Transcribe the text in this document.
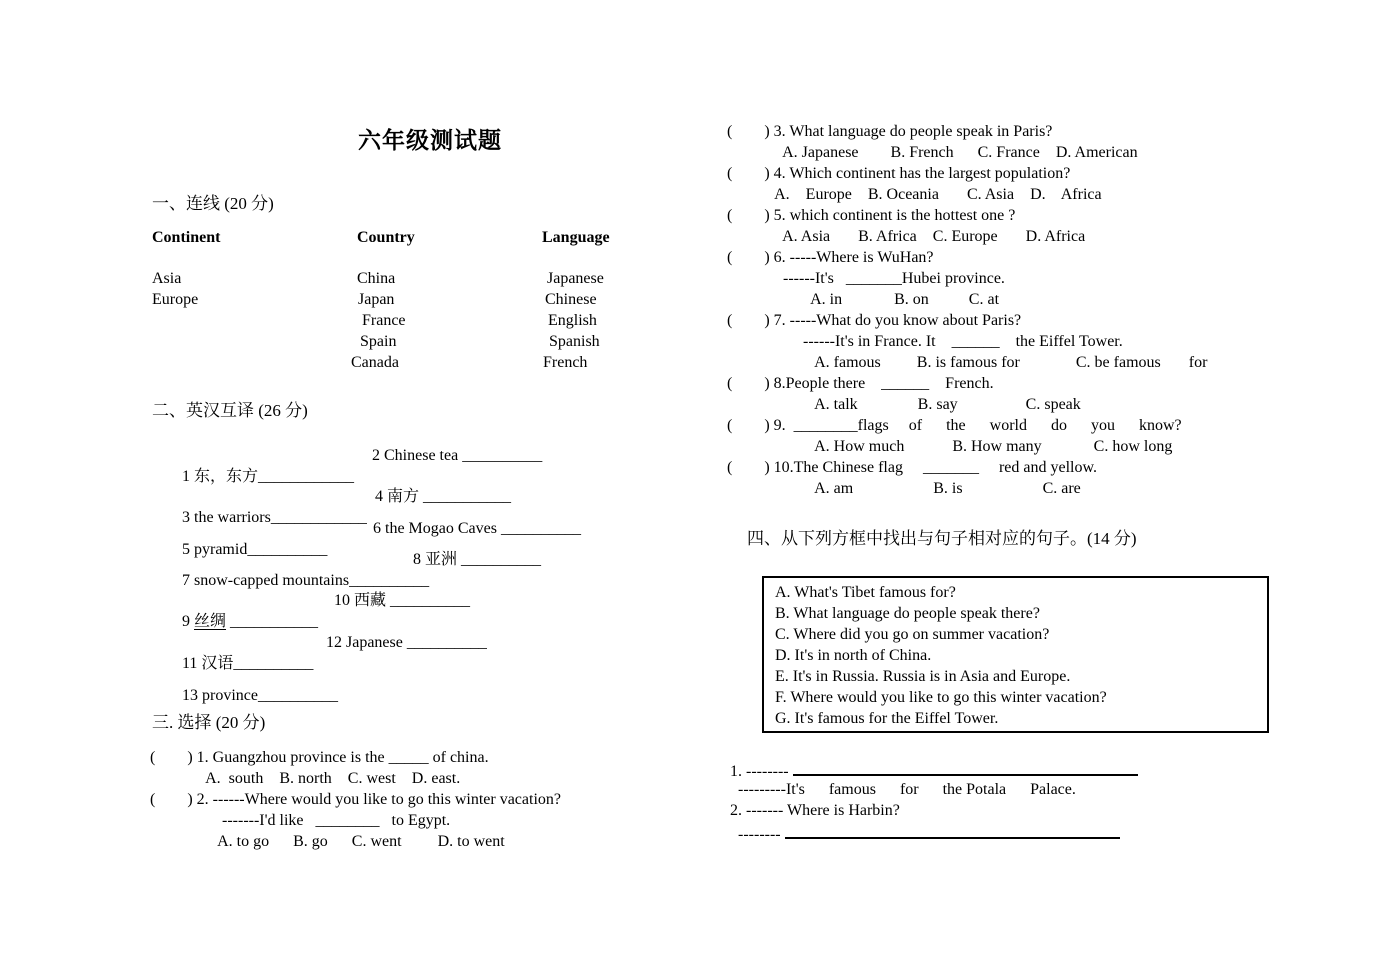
六年级测试题
一、连线 (20 分)
Continent
Asia
Europe
Country
China
Japan
France
Spain
Canada
Language
Japanese
Chinese
English
Spanish
French
二、英汉互译 (26 分)

1 东，东方____________

2 Chinese tea __________

3 the warriors____________

4 南方 ___________

5 pyramid__________

6 the Mogao Caves __________

7 snow-capped mountains__________

8 亚洲 __________

9 丝绸 ___________

10 西藏 __________

11 汉语__________

12 Japanese __________

13 province__________

三. 选择 (20 分)
(        ) 1. Guangzhou province is the _____ of china.
A.  south    B. north    C. west    D. east.
(        ) 2. ------Where would you like to go this winter vacation?
-------I'd like   ________   to Egypt.
A. to go      B. go      C. went         D. to went
(        ) 3. What language do people speak in Paris?
A. Japanese        B. French      C. France    D. American
(        ) 4. Which continent has the largest population?
A.    Europe    B. Oceania       C. Asia    D.    Africa
(        ) 5. which continent is the hottest one ?
A. Asia       B. Africa    C. Europe       D. Africa
(        ) 6. -----Where is WuHan?
------It's   _______Hubei province.
A. in             B. on          C. at
(        ) 7. -----What do you know about Paris?
------It's in France. It    ______    the Eiffel Tower.
A. famous         B. is famous for              C. be famous       for
(        ) 8.People there    ______    French.
A. talk               B. say                 C. speak
(        ) 9.  ________flags     of      the      world      do      you      know?
A. How much            B. How many             C. how long
(        ) 10.The Chinese flag     _______     red and yellow.
A. am                    B. is                    C. are
四、从下列方框中找出与句子相对应的句子。(14 分)
A. What's Tibet famous for?
B. What language do people speak there?
C. Where did you go on summer vacation?
D. It's in north of China.
E. It's in Russia. Russia is in Asia and Europe.
F. Where would you like to go this winter vacation?
G. It's famous for the Eiffel Tower.
1. --------
---------It's      famous      for      the Potala      Palace.
2. ------- Where is Harbin?
--------
